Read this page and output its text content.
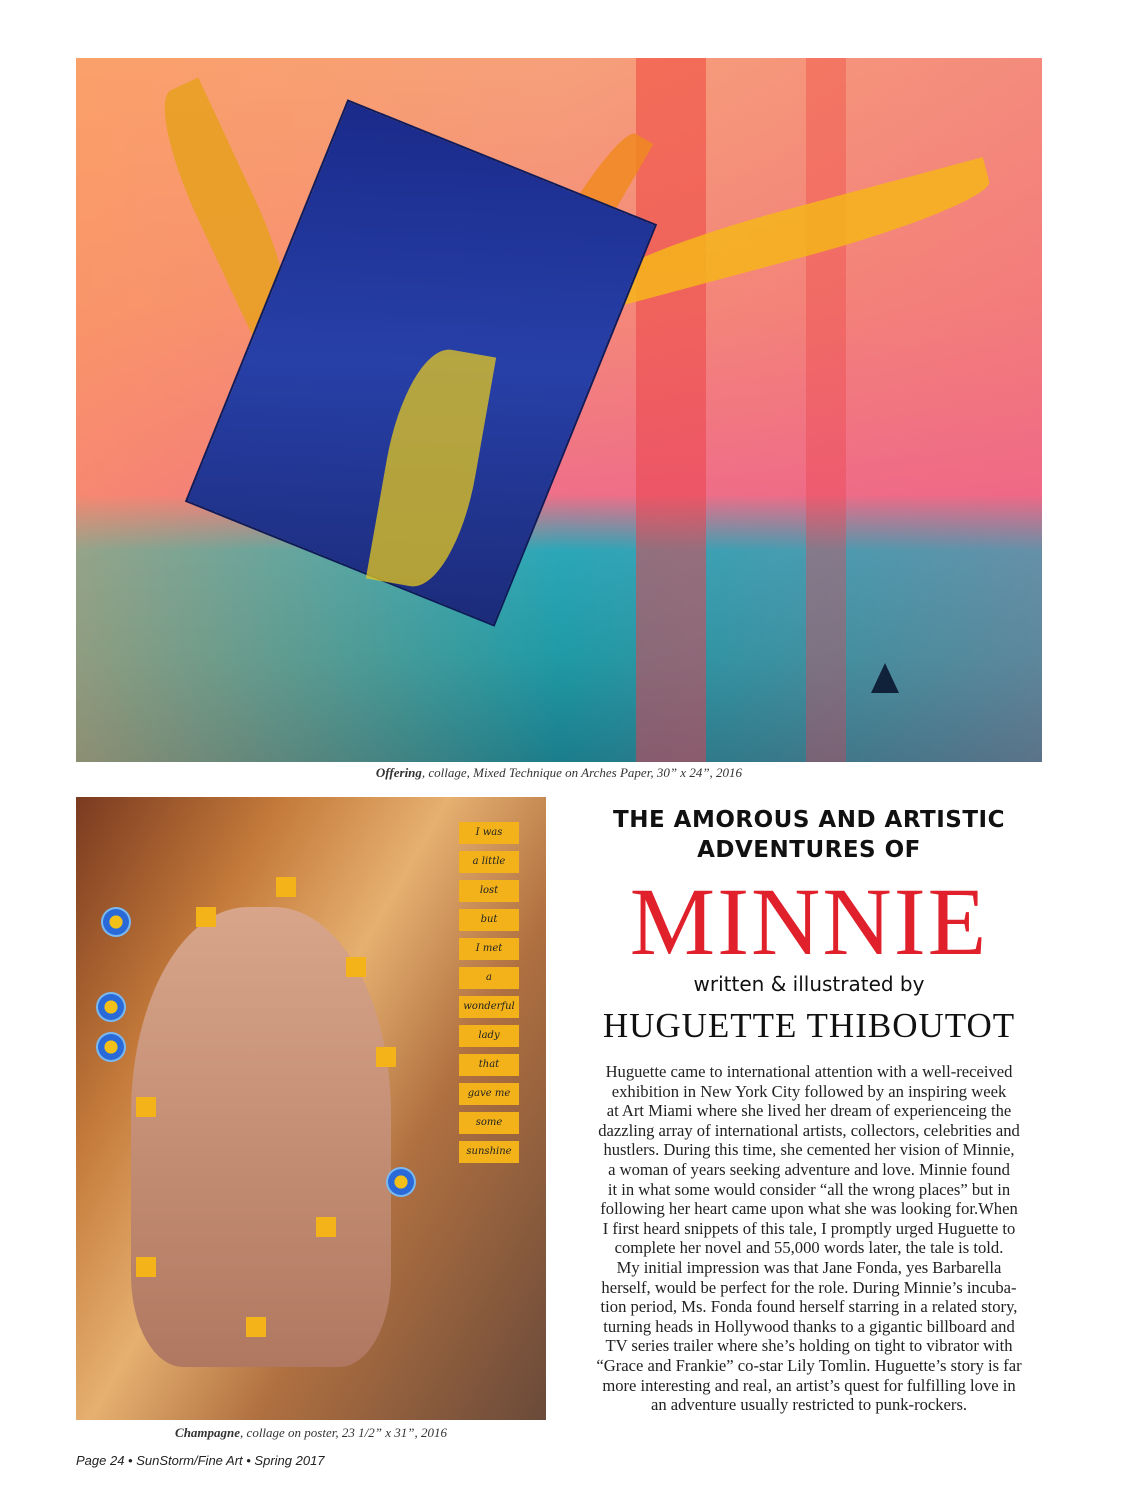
Offering, collage, Mixed Technique on Arches Paper, 30” x 24”, 2016
I was
a little
lost
but
I met
a
wonderful
lady
that
gave me
some
sunshine
Champagne, collage on poster, 23 1/2” x 31”, 2016
THE AMOROUS AND ARTISTIC
ADVENTURES OF
MINNIE
written & illustrated by
HUGUETTE THIBOUTOT
Huguette came to international attention with a well-received
exhibition in New York City followed by an inspiring week
at Art Miami where she lived her dream of experienceing the
dazzling array of international artists, collectors, celebrities and
hustlers. During this time, she cemented her vision of Minnie,
a woman of years seeking adventure and love. Minnie found
it in what some would consider “all the wrong places” but in
following her heart came upon what she was looking for.When
I first heard snippets of this tale, I promptly urged Huguette to
complete her novel and 55,000 words later, the tale is told.
My initial impression was that Jane Fonda, yes Barbarella
herself, would be perfect for the role. During Minnie’s incuba-
tion period, Ms. Fonda found herself starring in a related story,
turning heads in Hollywood thanks to a gigantic billboard and
TV series trailer where she’s holding on tight to vibrator with
“Grace and Frankie” co-star Lily Tomlin. Huguette’s story is far
more interesting and real, an artist’s quest for fulfilling love in
an adventure usually restricted to punk-rockers.
Page 24 • SunStorm/Fine Art • Spring 2017
